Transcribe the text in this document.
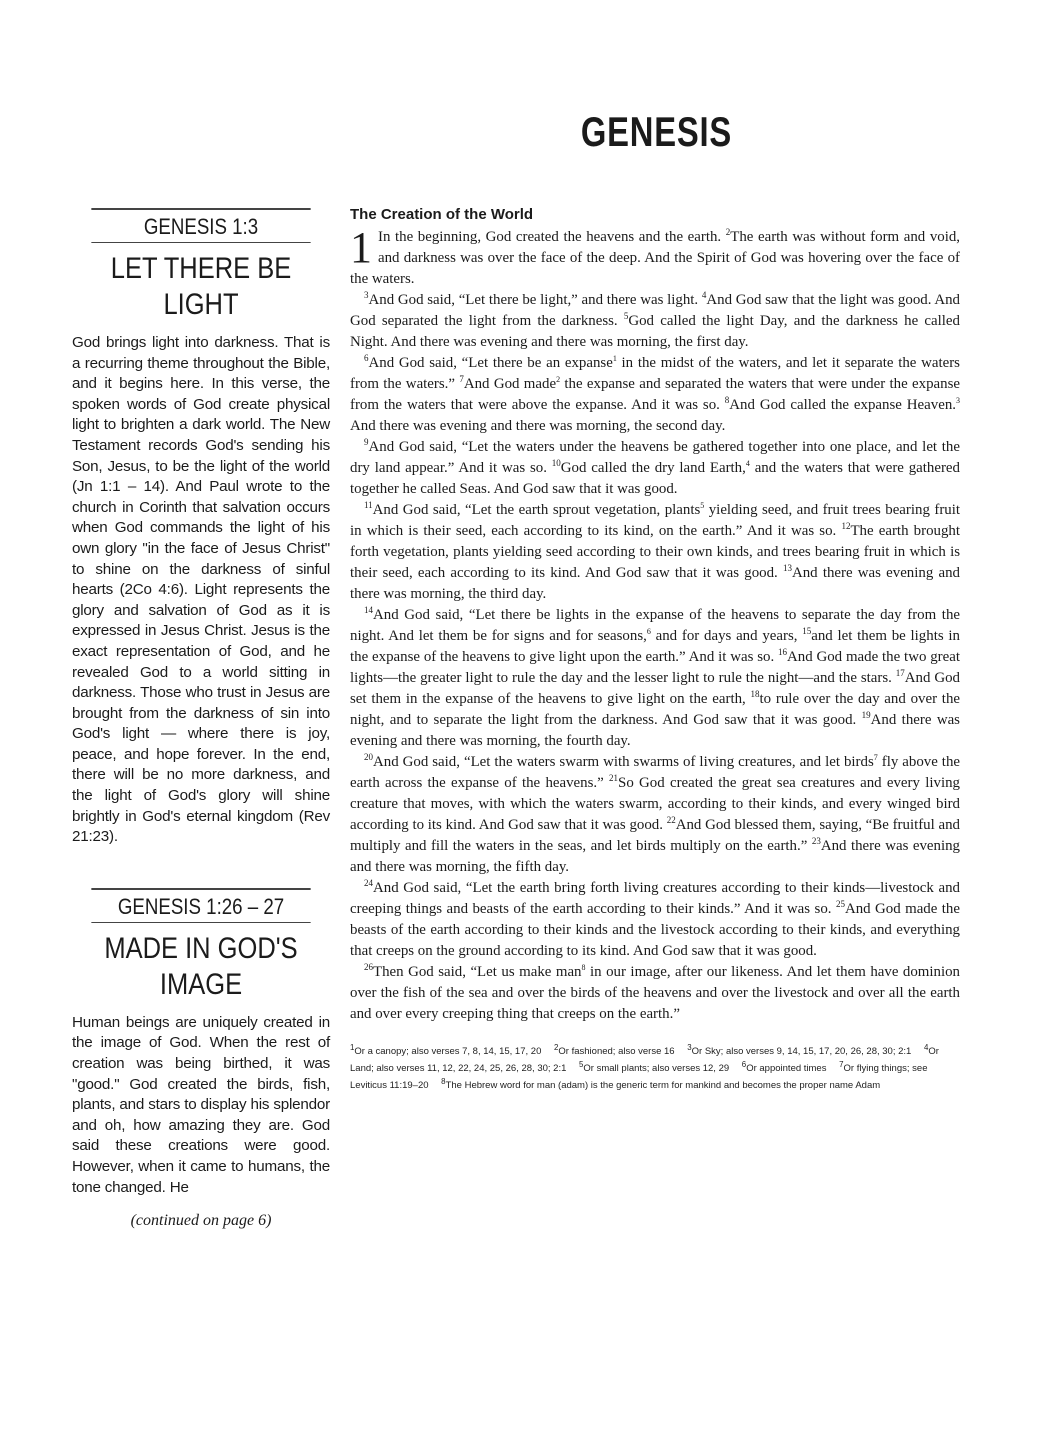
GENESIS
GENESIS 1:3
LET THERE BE LIGHT

God brings light into darkness. That is a recurring theme throughout the Bible, and it begins here. In this verse, the spoken words of God create physical light to brighten a dark world. The New Testament records God's sending his Son, Jesus, to be the light of the world (Jn 1:1 – 14). And Paul wrote to the church in Corinth that salvation occurs when God commands the light of his own glory "in the face of Jesus Christ" to shine on the darkness of sinful hearts (2Co 4:6). Light represents the glory and salvation of God as it is expressed in Jesus Christ. Jesus is the exact representation of God, and he revealed God to a world sitting in darkness. Those who trust in Jesus are brought from the darkness of sin into God's light — where there is joy, peace, and hope forever. In the end, there will be no more darkness, and the light of God's glory will shine brightly in God's eternal kingdom (Rev 21:23).

GENESIS 1:26 – 27
MADE IN GOD'S IMAGE

Human beings are uniquely created in the image of God. When the rest of creation was being birthed, it was "good." God created the birds, fish, plants, and stars to display his splendor and oh, how amazing they are. God said these creations were good. However, when it came to humans, the tone changed. He

(continued on page 6)
The Creation of the World

1 In the beginning, God created the heavens and the earth. $^2$The earth was without form and void, and darkness was over the face of the deep. And the Spirit of God was hovering over the face of the waters.

$^3$And God said, “Let there be light,” and there was light. $^4$And God saw that the light was good. And God separated the light from the darkness. $^5$God called the light Day, and the darkness he called Night. And there was evening and there was morning, the first day.

$^6$And God said, “Let there be an expanse$^1$ in the midst of the waters, and let it separate the waters from the waters.” $^7$And God made$^2$ the expanse and separated the waters that were under the expanse from the waters that were above the expanse. And it was so. $^8$And God called the expanse Heaven.$^3$ And there was evening and there was morning, the second day.

$^9$And God said, “Let the waters under the heavens be gathered together into one place, and let the dry land appear.” And it was so. $^{10}$God called the dry land Earth,$^4$ and the waters that were gathered together he called Seas. And God saw that it was good.

$^{11}$And God said, “Let the earth sprout vegetation, plants$^5$ yielding seed, and fruit trees bearing fruit in which is their seed, each according to its kind, on the earth.” And it was so. $^{12}$The earth brought forth vegetation, plants yielding seed according to their own kinds, and trees bearing fruit in which is their seed, each according to its kind. And God saw that it was good. $^{13}$And there was evening and there was morning, the third day.

$^{14}$And God said, “Let there be lights in the expanse of the heavens to separate the day from the night. And let them be for signs and for seasons,$^6$ and for days and years, $^{15}$and let them be lights in the expanse of the heavens to give light upon the earth.” And it was so. $^{16}$And God made the two great lights—the greater light to rule the day and the lesser light to rule the night—and the stars. $^{17}$And God set them in the expanse of the heavens to give light on the earth, $^{18}$to rule over the day and over the night, and to separate the light from the darkness. And God saw that it was good. $^{19}$And there was evening and there was morning, the fourth day.

$^{20}$And God said, “Let the waters swarm with swarms of living creatures, and let birds$^7$ fly above the earth across the expanse of the heavens.” $^{21}$So God created the great sea creatures and every living creature that moves, with which the waters swarm, according to their kinds, and every winged bird according to its kind. And God saw that it was good. $^{22}$And God blessed them, saying, “Be fruitful and multiply and fill the waters in the seas, and let birds multiply on the earth.” $^{23}$And there was evening and there was morning, the fifth day.

$^{24}$And God said, “Let the earth bring forth living creatures according to their kinds—livestock and creeping things and beasts of the earth according to their kinds.” And it was so. $^{25}$And God made the beasts of the earth according to their kinds and the livestock according to their kinds, and everything that creeps on the ground according to its kind. And God saw that it was good.

$^{26}$Then God said, “Let us make man$^8$ in our image, after our likeness. And let them have dominion over the fish of the sea and over the birds of the heavens and over the livestock and over all the earth and over every creeping thing that creeps on the earth.”

$^1$Or a canopy; also verses 7, 8, 14, 15, 17, 20 $^2$Or fashioned; also verse 16 $^3$Or Sky; also verses 9, 14, 15, 17, 20, 26, 28, 30; 2:1 $^4$Or Land; also verses 11, 12, 22, 24, 25, 26, 28, 30; 2:1 $^5$Or small plants; also verses 12, 29 $^6$Or appointed times $^7$Or flying things; see Leviticus 11:19–20 $^8$The Hebrew word for man (adam) is the generic term for mankind and becomes the proper name Adam
